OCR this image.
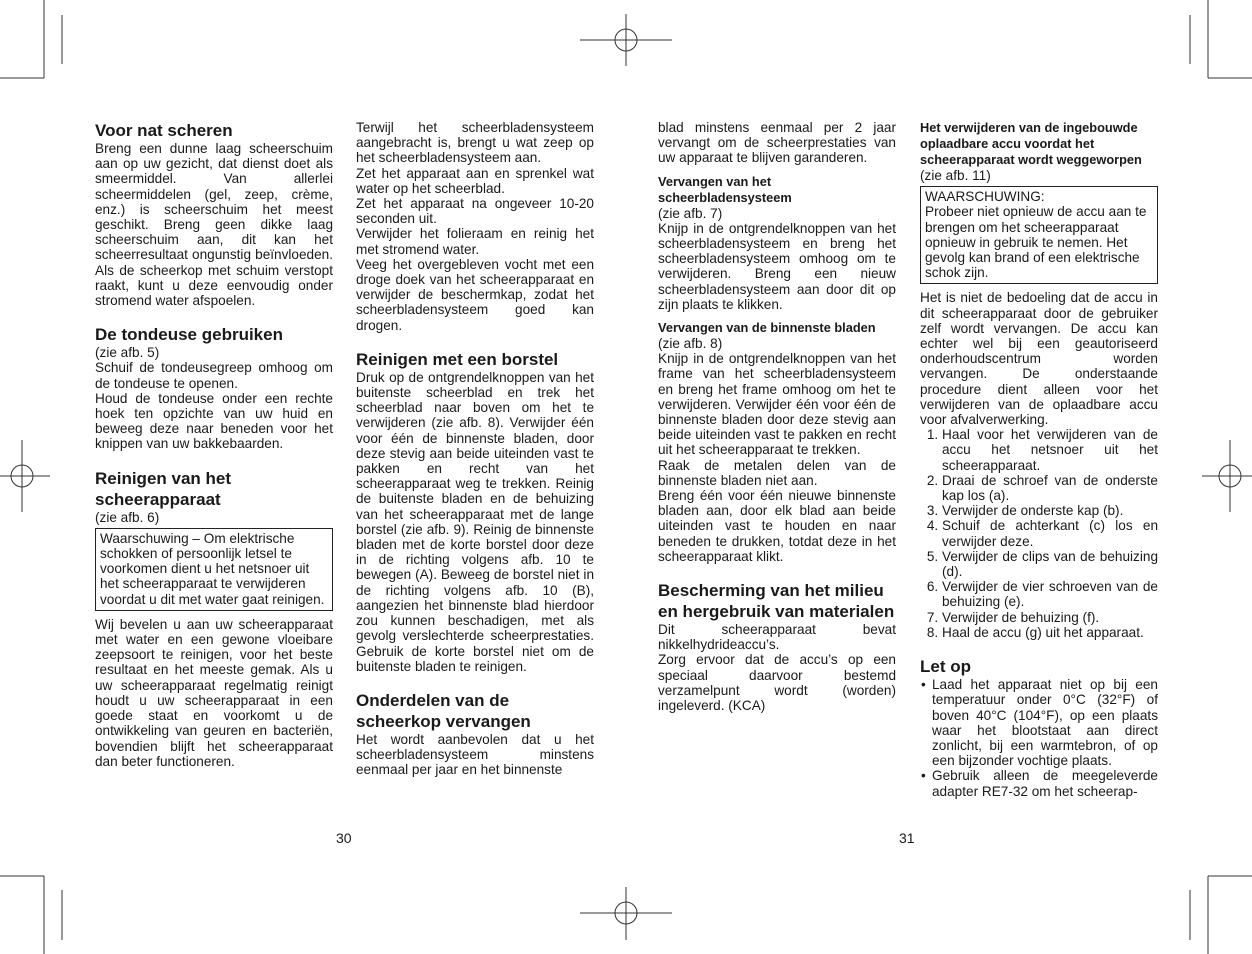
Voor nat scheren

Breng een dunne laag scheerschuim aan op uw gezicht, dat dienst doet als smeermiddel. Van allerlei scheermiddelen (gel, zeep, crème, enz.) is scheerschuim het meest geschikt. Breng geen dikke laag scheerschuim aan, dit kan het scheerresultaat ongunstig beïnvloeden. Als de scheerkop met schuim verstopt raakt, kunt u deze eenvoudig onder stromend water afspoelen.

De tondeuse gebruiken

(zie afb. 5)

Schuif de tondeusegreep omhoog om de tondeuse te openen.

Houd de tondeuse onder een rechte hoek ten opzichte van uw huid en beweeg deze naar beneden voor het knippen van uw bakkebaarden.

Reinigen van het scheerapparaat

(zie afb. 6)

Waarschuwing – Om elektrische schokken of persoonlijk letsel te voorkomen dient u het netsnoer uit het scheerapparaat te verwijderen voordat u dit met water gaat reinigen.

Wij bevelen u aan uw scheerapparaat met water en een gewone vloeibare zeepsoort te reinigen, voor het beste resultaat en het meeste gemak. Als u uw scheerapparaat regelmatig reinigt houdt u uw scheerapparaat in een goede staat en voorkomt u de ontwikkeling van geuren en bacteriën, bovendien blijft het scheerapparaat dan beter functioneren.

Terwijl het scheerbladensysteem aangebracht is, brengt u wat zeep op het scheerbladensysteem aan.

Zet het apparaat aan en sprenkel wat water op het scheerblad.

Zet het apparaat na ongeveer 10-20 seconden uit.

Verwijder het folieraam en reinig het met stromend water.

Veeg het overgebleven vocht met een droge doek van het scheerapparaat en verwijder de beschermkap, zodat het scheerbladensysteem goed kan drogen.

Reinigen met een borstel

Druk op de ontgrendelknoppen van het buitenste scheerblad en trek het scheerblad naar boven om het te verwijderen (zie afb. 8). Verwijder één voor één de binnenste bladen, door deze stevig aan beide uiteinden vast te pakken en recht van het scheerapparaat weg te trekken. Reinig de buitenste bladen en de behuizing van het scheerapparaat met de lange borstel (zie afb. 9). Reinig de binnenste bladen met de korte borstel door deze in de richting volgens afb. 10 te bewegen (A). Beweeg de borstel niet in de richting volgens afb. 10 (B), aangezien het binnenste blad hierdoor zou kunnen beschadigen, met als gevolg verslechterde scheerprestaties. Gebruik de korte borstel niet om de buitenste bladen te reinigen.

Onderdelen van de scheerkop vervangen

Het wordt aanbevolen dat u het scheerbladensysteem minstens eenmaal per jaar en het binnenste

30

blad minstens eenmaal per 2 jaar vervangt om de scheerprestaties van uw apparaat te blijven garanderen.

Vervangen van het scheerbladensysteem

(zie afb. 7)

Knijp in de ontgrendelknoppen van het scheerbladensysteem en breng het scheerbladensysteem omhoog om te verwijderen. Breng een nieuw scheerbladensysteem aan door dit op zijn plaats te klikken.

Vervangen van de binnenste bladen

(zie afb. 8)

Knijp in de ontgrendelknoppen van het frame van het scheerbladensysteem en breng het frame omhoog om het te verwijderen. Verwijder één voor één de binnenste bladen door deze stevig aan beide uiteinden vast te pakken en recht uit het scheerapparaat te trekken.

Raak de metalen delen van de binnenste bladen niet aan.

Breng één voor één nieuwe binnenste bladen aan, door elk blad aan beide uiteinden vast te houden en naar beneden te drukken, totdat deze in het scheerapparaat klikt.

Bescherming van het milieu en hergebruik van materialen

Dit scheerapparaat bevat nikkelhydrideaccu’s.

Zorg ervoor dat de accu’s op een speciaal daarvoor bestemd verzamelpunt wordt (worden) ingeleverd. (KCA)

Het verwijderen van de ingebouwde oplaadbare accu voordat het scheerapparaat wordt weggeworpen

(zie afb. 11)

WAARSCHUWING:

Probeer niet opnieuw de accu aan te brengen om het scheerapparaat opnieuw in gebruik te nemen. Het gevolg kan brand of een elektrische schok zijn.

Het is niet de bedoeling dat de accu in dit scheerapparaat door de gebruiker zelf wordt vervangen. De accu kan echter wel bij een geautoriseerd onderhoudscentrum worden vervangen. De onderstaande procedure dient alleen voor het verwijderen van de oplaadbare accu voor afvalverwerking.

1. Haal voor het verwijderen van de accu het netsnoer uit het scheerapparaat.
2. Draai de schroef van de onderste kap los (a).
3. Verwijder de onderste kap (b).
4. Schuif de achterkant (c) los en verwijder deze.
5. Verwijder de clips van de behuizing (d).
6. Verwijder de vier schroeven van de behuizing (e).
7. Verwijder de behuizing (f).
8. Haal de accu (g) uit het apparaat.
Let op
• Laad het apparaat niet op bij een temperatuur onder 0°C (32°F) of boven 40°C (104°F), op een plaats waar het blootstaat aan direct zonlicht, bij een warmtebron, of op een bijzonder vochtige plaats.
• Gebruik alleen de meegeleverde adapter RE7-32 om het scheerap-
31
